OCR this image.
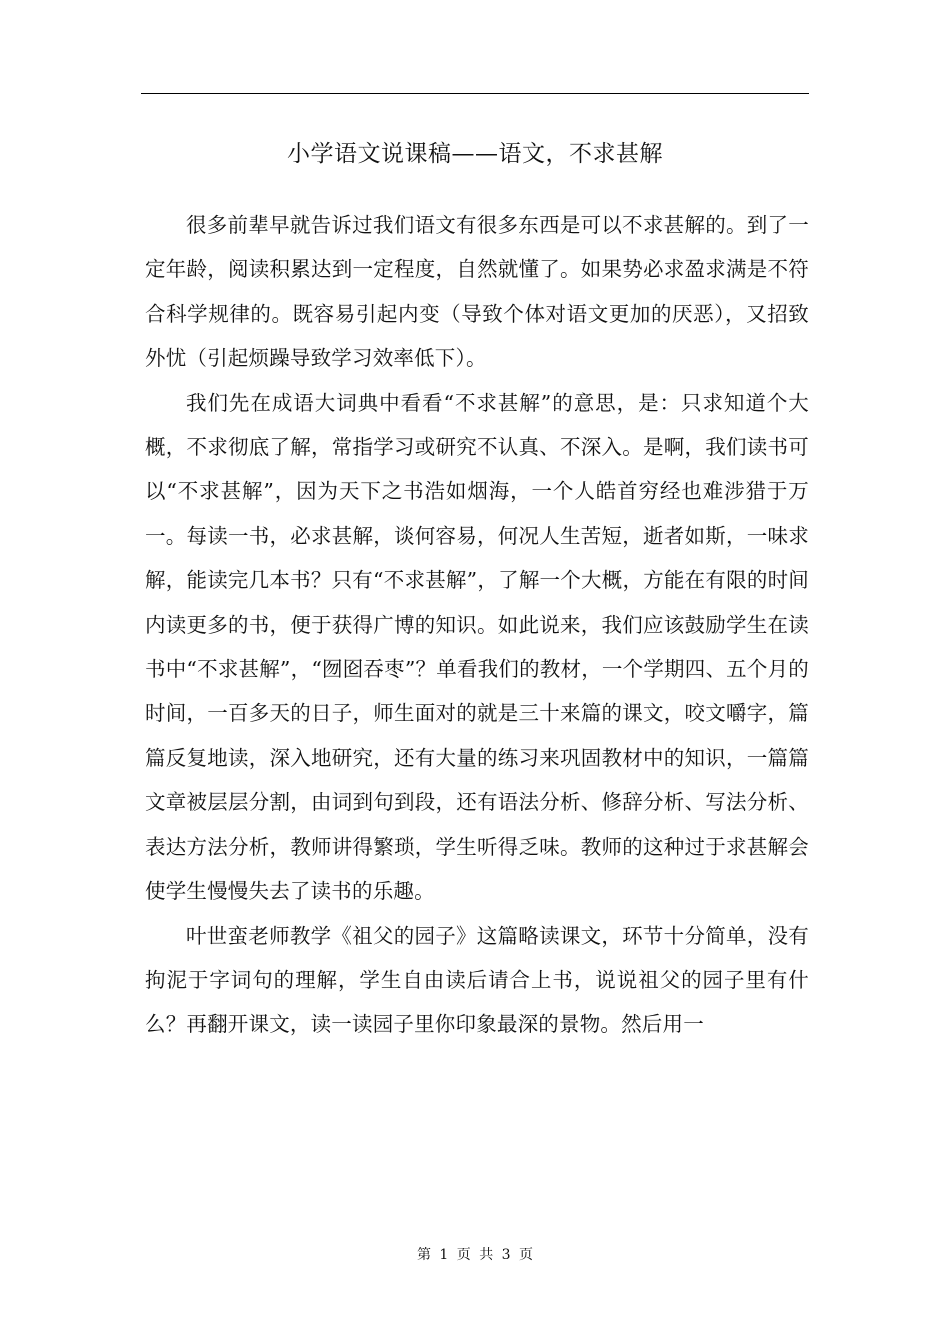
小学语文说课稿——语文，不求甚解

很多前辈早就告诉过我们语文有很多东西是可以不求甚解的。到了一定年龄，阅读积累达到一定程度，自然就懂了。如果势必求盈求满是不符合科学规律的。既容易引起内变（导致个体对语文更加的厌恶），又招致外忧（引起烦躁导致学习效率低下）。

我们先在成语大词典中看看“不求甚解”的意思，是：只求知道个大概，不求彻底了解，常指学习或研究不认真、不深入。是啊，我们读书可以“不求甚解”，因为天下之书浩如烟海，一个人皓首穷经也难涉猎于万一。每读一书，必求甚解，谈何容易，何况人生苦短，逝者如斯，一味求解，能读完几本书？只有“不求甚解”，了解一个大概，方能在有限的时间内读更多的书，便于获得广博的知识。如此说来，我们应该鼓励学生在读书中“不求甚解”，“囫囵吞枣”？单看我们的教材，一个学期四、五个月的时间，一百多天的日子，师生面对的就是三十来篇的课文，咬文嚼字，篇篇反复地读，深入地研究，还有大量的练习来巩固教材中的知识，一篇篇文章被层层分割，由词到句到段，还有语法分析、修辞分析、写法分析、表达方法分析，教师讲得繁琐，学生听得乏味。教师的这种过于求甚解会使学生慢慢失去了读书的乐趣。

叶世蛮老师教学《祖父的园子》这篇略读课文，环节十分简单，没有拘泥于字词句的理解，学生自由读后请合上书，说说祖父的园子里有什么？再翻开课文，读一读园子里你印象最深的景物。然后用一

第 1 页 共 3 页
